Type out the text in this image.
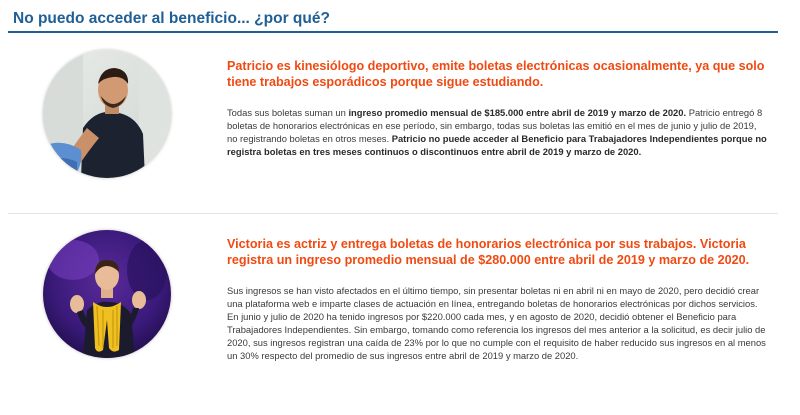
No puedo acceder al beneficio... ¿por qué?
Patricio es kinesiólogo deportivo, emite boletas electrónicas ocasionalmente, ya que solo tiene trabajos esporádicos porque sigue estudiando.

Todas sus boletas suman un ingreso promedio mensual de $185.000 entre abril de 2019 y marzo de 2020. Patricio entregó 8 boletas de honorarios electrónicas en ese período, sin embargo, todas sus boletas las emitió en el mes de junio y julio de 2019, no registrando boletas en otros meses. Patricio no puede acceder al Beneficio para Trabajadores Independientes porque no registra boletas en tres meses continuos o discontinuos entre abril de 2019 y marzo de 2020.

Victoria es actriz y entrega boletas de honorarios electrónica por sus trabajos. Victoria registra un ingreso promedio mensual de $280.000 entre abril de 2019 y marzo de 2020.

Sus ingresos se han visto afectados en el último tiempo, sin presentar boletas ni en abril ni en mayo de 2020, pero decidió crear una plataforma web e imparte clases de actuación en línea, entregando boletas de honorarios electrónicas por dichos servicios.

En junio y julio de 2020 ha tenido ingresos por $220.000 cada mes, y en agosto de 2020, decidió obtener el Beneficio para Trabajadores Independientes. Sin embargo, tomando como referencia los ingresos del mes anterior a la solicitud, es decir julio de 2020, sus ingresos registran una caída de 23% por lo que no cumple con el requisito de haber reducido sus ingresos en al menos un 30% respecto del promedio de sus ingresos entre abril de 2019 y marzo de 2020.
